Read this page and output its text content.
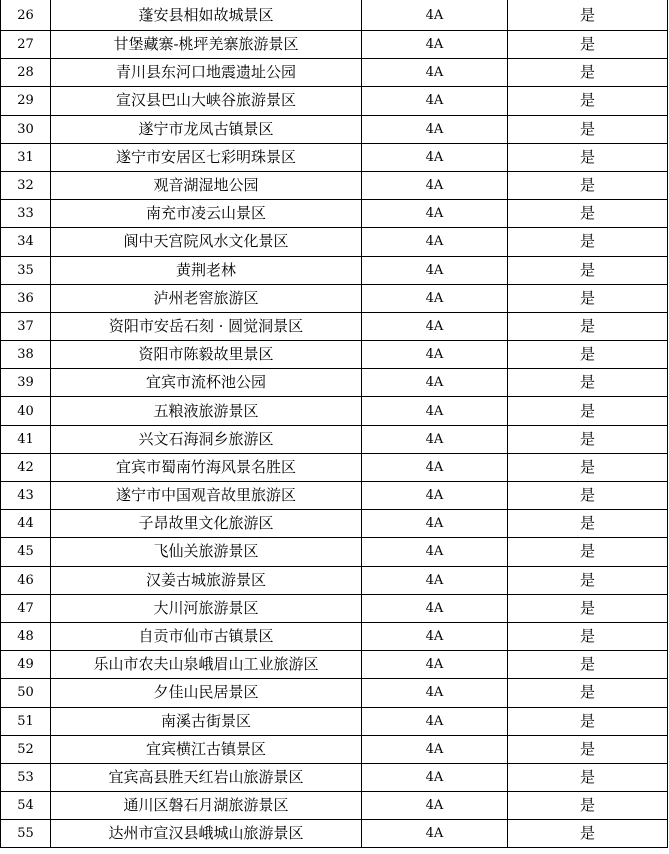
26	蓬安县相如故城景区	4A	是
27	甘堡藏寨-桃坪羌寨旅游景区	4A	是
28	青川县东河口地震遗址公园	4A	是
29	宣汉县巴山大峡谷旅游景区	4A	是
30	遂宁市龙凤古镇景区	4A	是
31	遂宁市安居区七彩明珠景区	4A	是
32	观音湖湿地公园	4A	是
33	南充市凌云山景区	4A	是
34	阆中天宫院风水文化景区	4A	是
35	黄荆老林	4A	是
36	泸州老窖旅游区	4A	是
37	资阳市安岳石刻 · 圆觉洞景区	4A	是
38	资阳市陈毅故里景区	4A	是
39	宜宾市流杯池公园	4A	是
40	五粮液旅游景区	4A	是
41	兴文石海洞乡旅游区	4A	是
42	宜宾市蜀南竹海风景名胜区	4A	是
43	遂宁市中国观音故里旅游区	4A	是
44	子昂故里文化旅游区	4A	是
45	飞仙关旅游景区	4A	是
46	汉姜古城旅游景区	4A	是
47	大川河旅游景区	4A	是
48	自贡市仙市古镇景区	4A	是
49	乐山市农夫山泉峨眉山工业旅游区	4A	是
50	夕佳山民居景区	4A	是
51	南溪古街景区	4A	是
52	宜宾横江古镇景区	4A	是
53	宜宾高县胜天红岩山旅游景区	4A	是
54	通川区磐石月湖旅游景区	4A	是
55	达州市宣汉县峨城山旅游景区	4A	是
